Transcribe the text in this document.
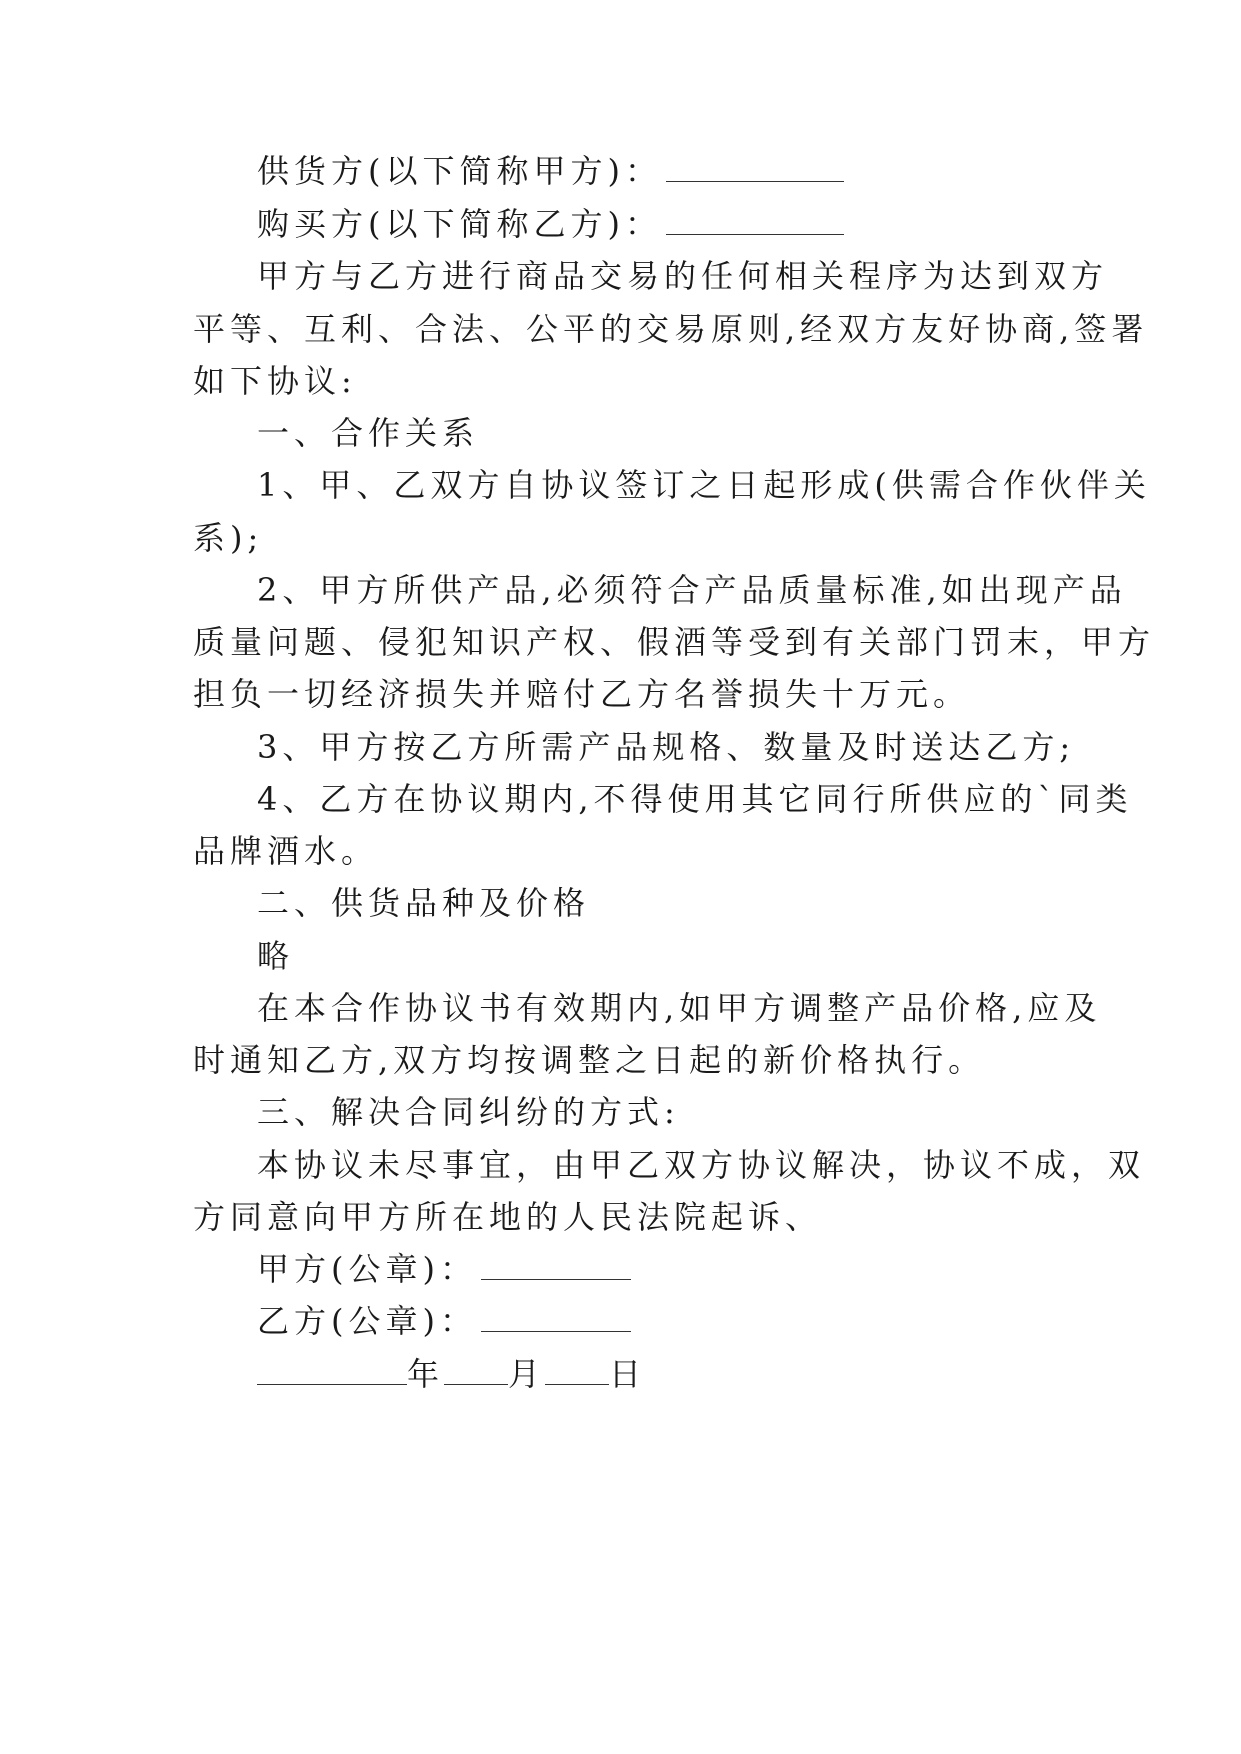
供货方(以下简称甲方)：
购买方(以下简称乙方)：
甲方与乙方进行商品交易的任何相关程序为达到双方
平等、互利、合法、公平的交易原则,经双方友好协商,签署
如下协议:
一、合作关系
1、甲、乙双方自协议签订之日起形成(供需合作伙伴关
系);
2、甲方所供产品,必须符合产品质量标准,如出现产品
质量问题、侵犯知识产权、假酒等受到有关部门罚末，甲方
担负一切经济损失并赔付乙方名誉损失十万元。
3、甲方按乙方所需产品规格、数量及时送达乙方;
4、乙方在协议期内,不得使用其它同行所供应的`同类
品牌酒水。
二、供货品种及价格
略
在本合作协议书有效期内,如甲方调整产品价格,应及
时通知乙方,双方均按调整之日起的新价格执行。
三、解决合同纠纷的方式:
本协议未尽事宜，由甲乙双方协议解决，协议不成，双
方同意向甲方所在地的人民法院起诉、
甲方(公章)：
乙方(公章)：
年 月 日
